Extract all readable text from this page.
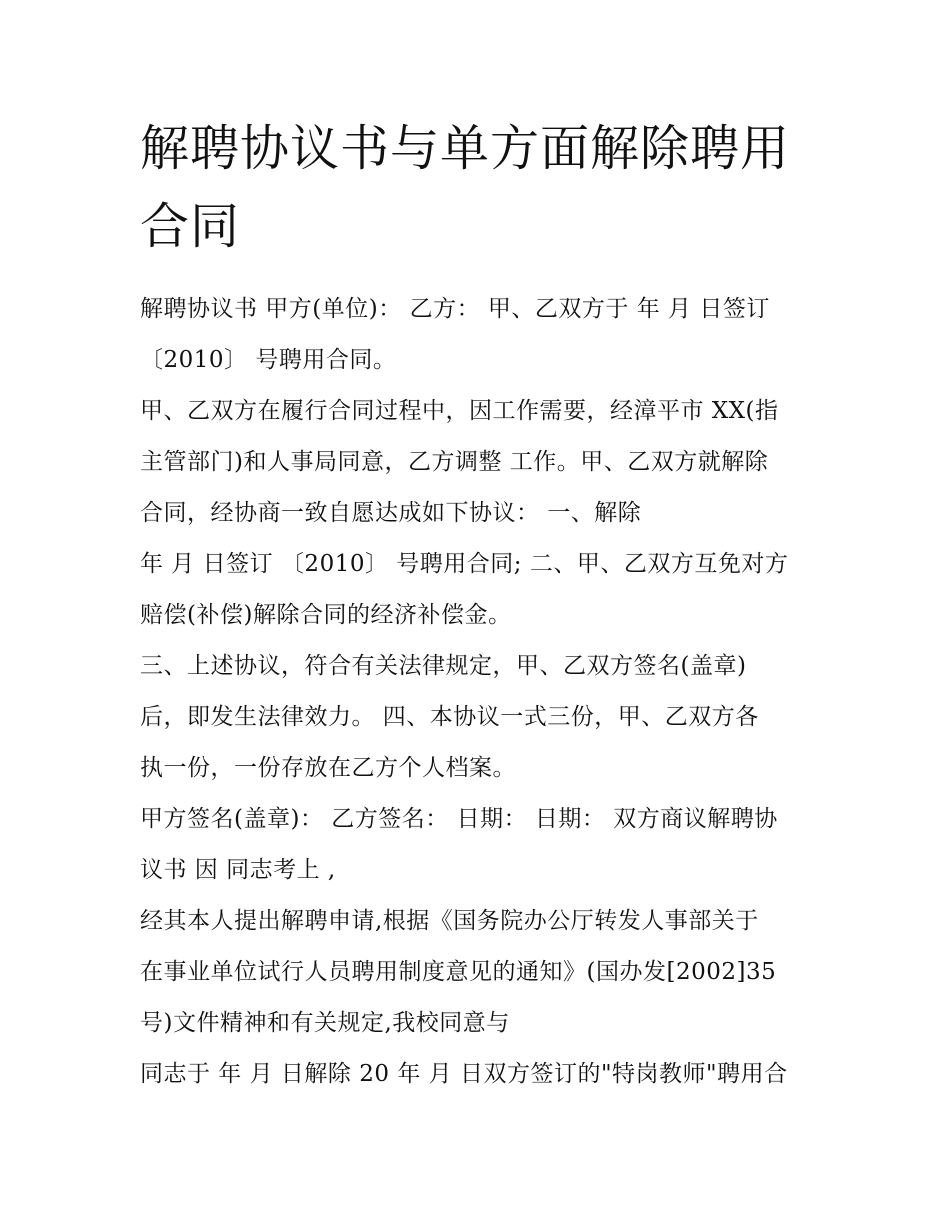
解聘协议书与单方面解除聘用
合同
解聘协议书 甲方(单位)： 乙方： 甲、乙双方于 年 月 日签订
〔2010〕 号聘用合同。
甲、乙双方在履行合同过程中，因工作需要，经漳平市 XX(指
主管部门)和人事局同意，乙方调整 工作。甲、乙双方就解除
合同，经协商一致自愿达成如下协议： 一、解除
年 月 日签订 〔2010〕 号聘用合同; 二、甲、乙双方互免对方
赔偿(补偿)解除合同的经济补偿金。
三、上述协议，符合有关法律规定，甲、乙双方签名(盖章)
后，即发生法律效力。 四、本协议一式三份，甲、乙双方各
执一份，一份存放在乙方个人档案。
甲方签名(盖章)： 乙方签名： 日期： 日期： 双方商议解聘协
议书 因 同志考上 ,
经其本人提出解聘申请,根据《国务院办公厅转发人事部关于
在事业单位试行人员聘用制度意见的通知》(国办发[2002]35
号)文件精神和有关规定,我校同意与
同志于 年 月 日解除 20 年 月 日双方签订的"特岗教师"聘用合
